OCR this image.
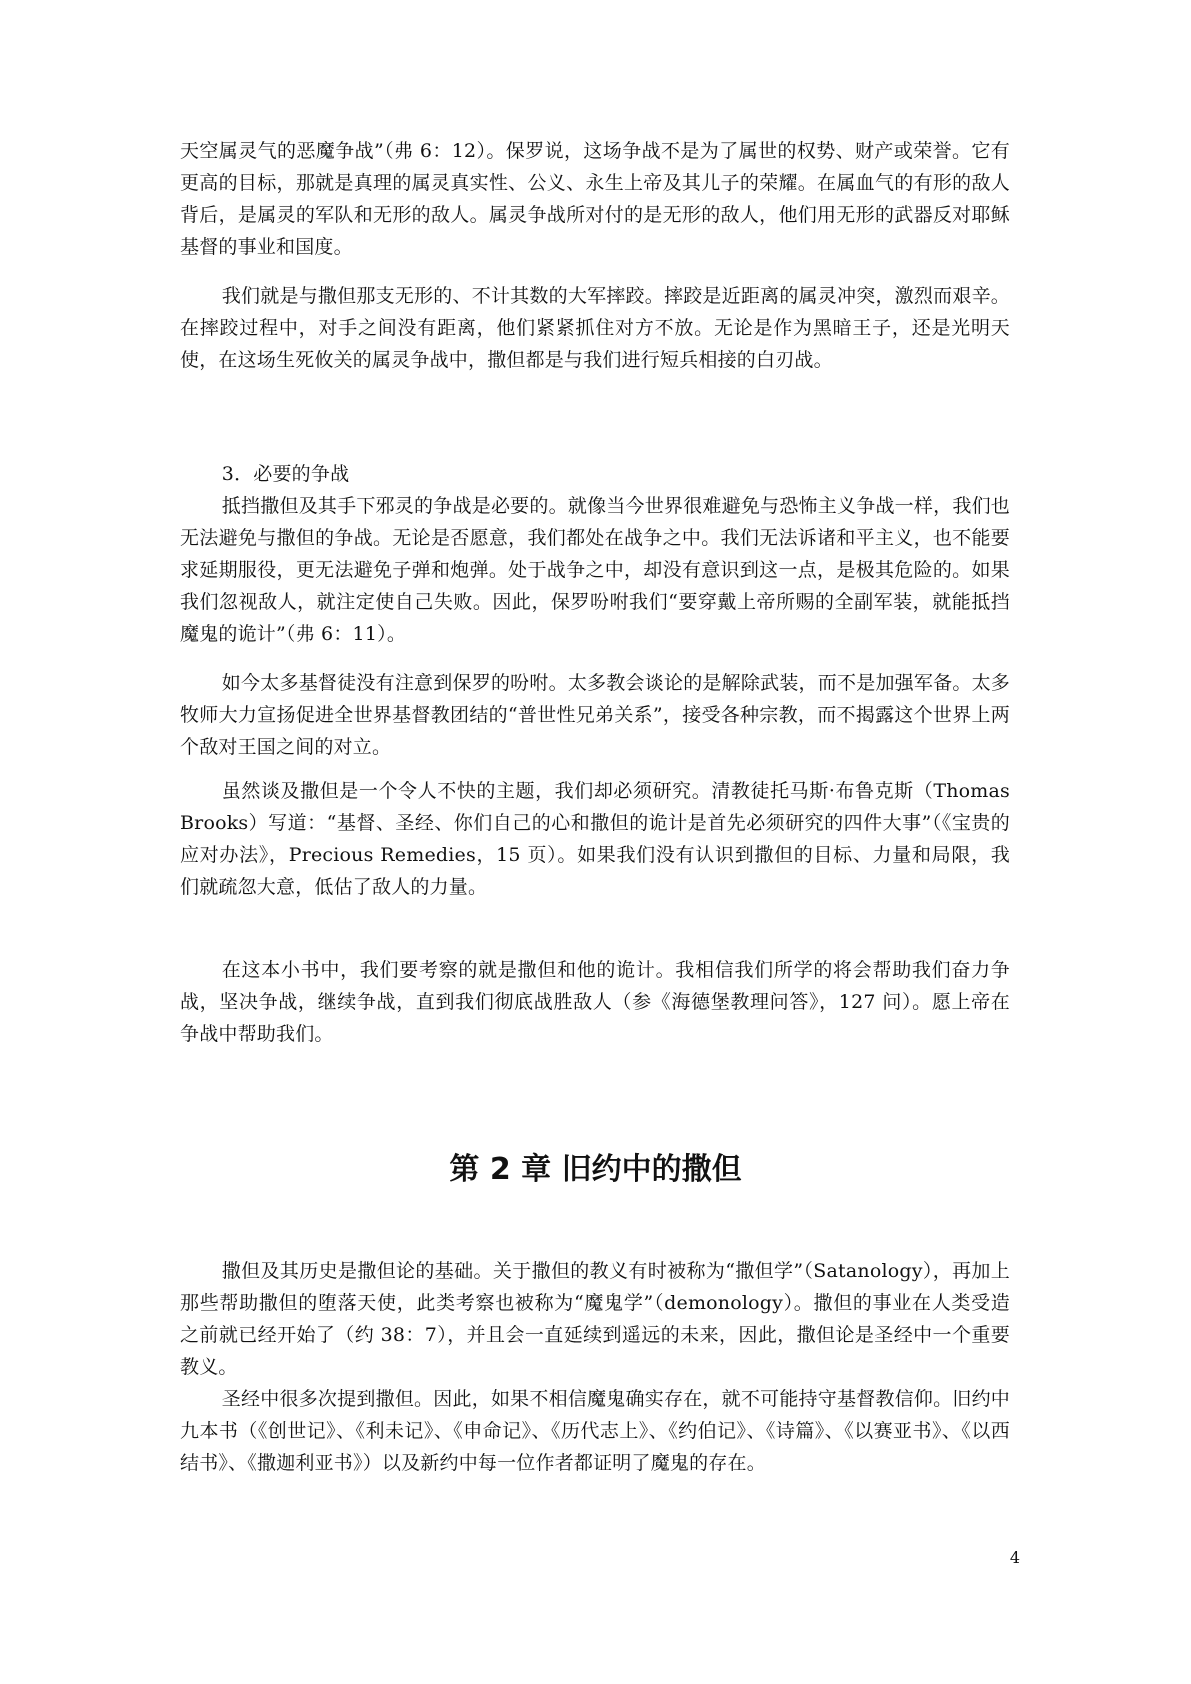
天空属灵气的恶魔争战”（弗 6：12）。保罗说，这场争战不是为了属世的权势、财产或荣誉。它有更高的目标，那就是真理的属灵真实性、公义、永生上帝及其儿子的荣耀。在属血气的有形的敌人背后，是属灵的军队和无形的敌人。属灵争战所对付的是无形的敌人，他们用无形的武器反对耶稣基督的事业和国度。

我们就是与撒但那支无形的、不计其数的大军摔跤。摔跤是近距离的属灵冲突，激烈而艰辛。在摔跤过程中，对手之间没有距离，他们紧紧抓住对方不放。无论是作为黑暗王子，还是光明天使，在这场生死攸关的属灵争战中，撒但都是与我们进行短兵相接的白刃战。

3．必要的争战

抵挡撒但及其手下邪灵的争战是必要的。就像当今世界很难避免与恐怖主义争战一样，我们也无法避免与撒但的争战。无论是否愿意，我们都处在战争之中。我们无法诉诸和平主义，也不能要求延期服役，更无法避免子弹和炮弹。处于战争之中，却没有意识到这一点，是极其危险的。如果我们忽视敌人，就注定使自己失败。因此，保罗吩咐我们“要穿戴上帝所赐的全副军装，就能抵挡魔鬼的诡计”（弗 6：11）。

如今太多基督徒没有注意到保罗的吩咐。太多教会谈论的是解除武装，而不是加强军备。太多牧师大力宣扬促进全世界基督教团结的“普世性兄弟关系”，接受各种宗教，而不揭露这个世界上两个敌对王国之间的对立。

虽然谈及撒但是一个令人不快的主题，我们却必须研究。清教徒托马斯·布鲁克斯（Thomas Brooks）写道：“基督、圣经、你们自己的心和撒但的诡计是首先必须研究的四件大事”（《宝贵的应对办法》，Precious Remedies，15 页）。如果我们没有认识到撒但的目标、力量和局限，我们就疏忽大意，低估了敌人的力量。

在这本小书中，我们要考察的就是撒但和他的诡计。我相信我们所学的将会帮助我们奋力争战，坚决争战，继续争战，直到我们彻底战胜敌人（参《海德堡教理问答》，127 问）。愿上帝在争战中帮助我们。

第 2 章 旧约中的撒但

撒但及其历史是撒但论的基础。关于撒但的教义有时被称为“撒但学”（Satanology），再加上那些帮助撒但的堕落天使，此类考察也被称为“魔鬼学”（demonology）。撒但的事业在人类受造之前就已经开始了（约 38：7），并且会一直延续到遥远的未来，因此，撒但论是圣经中一个重要教义。

圣经中很多次提到撒但。因此，如果不相信魔鬼确实存在，就不可能持守基督教信仰。旧约中九本书（《创世记》、《利未记》、《申命记》、《历代志上》、《约伯记》、《诗篇》、《以赛亚书》、《以西结书》、《撒迦利亚书》）以及新约中每一位作者都证明了魔鬼的存在。

4
